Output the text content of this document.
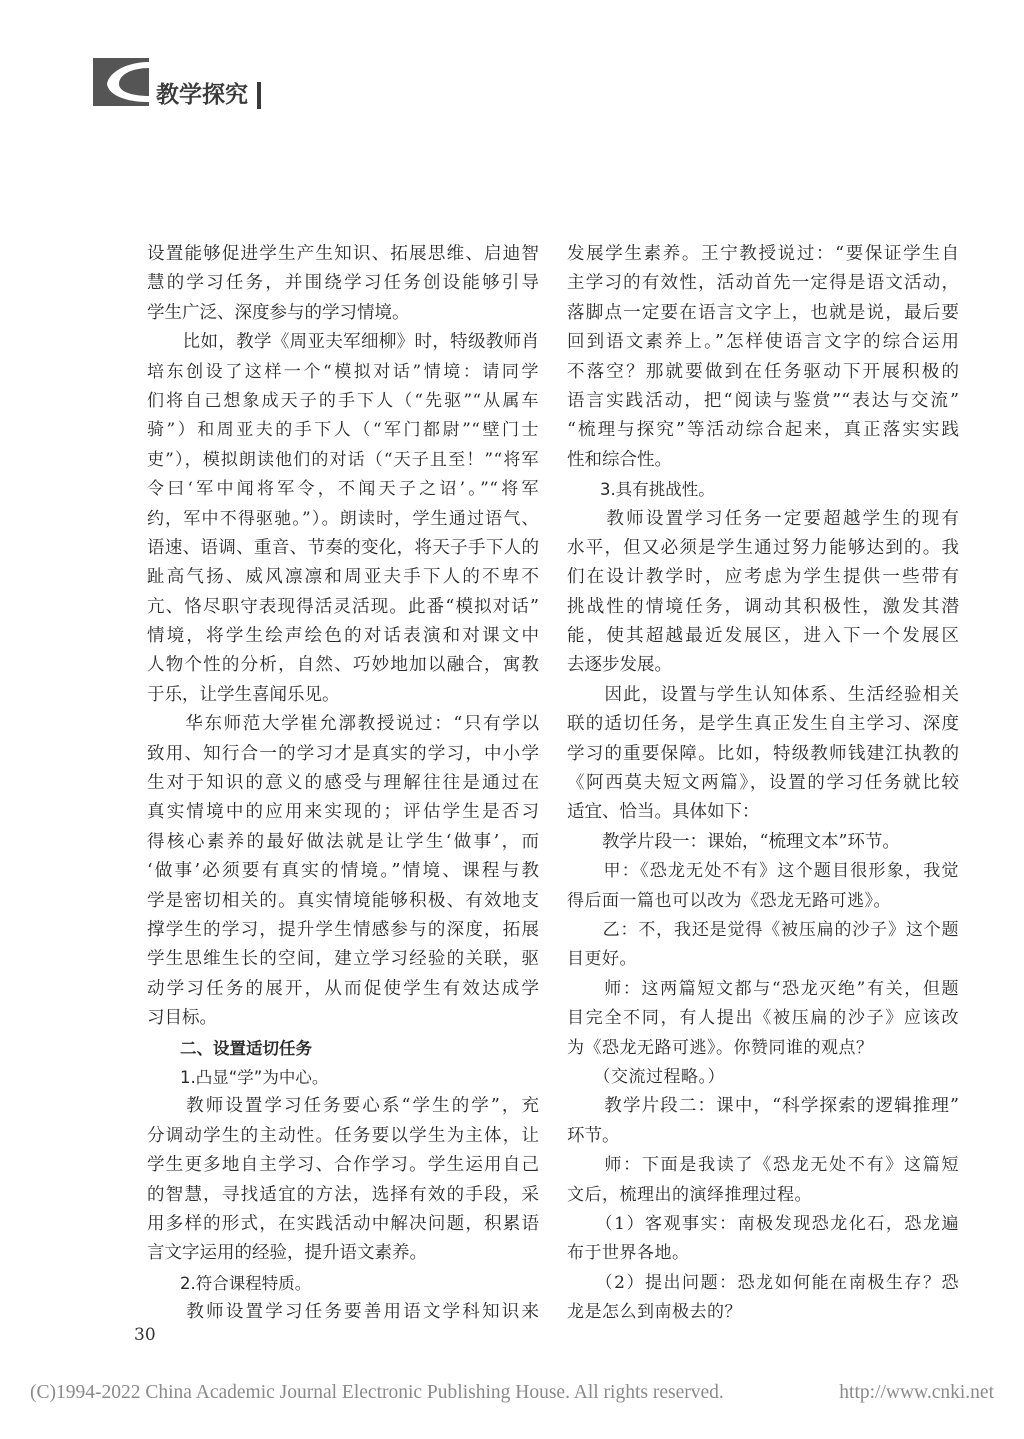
教学探究
设置能够促进学生产生知识、拓展思维、启迪智
慧的学习任务，并围绕学习任务创设能够引导
学生广泛、深度参与的学习情境。
　　比如，教学《周亚夫军细柳》时，特级教师肖
培东创设了这样一个“模拟对话”情境：请同学
们将自己想象成天子的手下人（“先驱”“从属车
骑”）和周亚夫的手下人（“军门都尉”“壁门士
吏”），模拟朗读他们的对话（“天子且至！”“将军
令曰‘军中闻将军令，不闻天子之诏’。”“将军
约，军中不得驱驰。”）。朗读时，学生通过语气、
语速、语调、重音、节奏的变化，将天子手下人的
趾高气扬、威风凛凛和周亚夫手下人的不卑不
亢、恪尽职守表现得活灵活现。此番“模拟对话”
情境，将学生绘声绘色的对话表演和对课文中
人物个性的分析，自然、巧妙地加以融合，寓教
于乐，让学生喜闻乐见。
　　华东师范大学崔允漷教授说过：“只有学以
致用、知行合一的学习才是真实的学习，中小学
生对于知识的意义的感受与理解往往是通过在
真实情境中的应用来实现的；评估学生是否习
得核心素养的最好做法就是让学生‘做事’，而
‘做事’必须要有真实的情境。”情境、课程与教
学是密切相关的。真实情境能够积极、有效地支
撑学生的学习，提升学生情感参与的深度，拓展
学生思维生长的空间，建立学习经验的关联，驱
动学习任务的展开，从而促使学生有效达成学
习目标。
　　二、设置适切任务
　　1.凸显“学”为中心。
　　教师设置学习任务要心系“学生的学”，充
分调动学生的主动性。任务要以学生为主体，让
学生更多地自主学习、合作学习。学生运用自己
的智慧，寻找适宜的方法，选择有效的手段，采
用多样的形式，在实践活动中解决问题，积累语
言文字运用的经验，提升语文素养。
　　2.符合课程特质。
　　教师设置学习任务要善用语文学科知识来
发展学生素养。王宁教授说过：“要保证学生自
主学习的有效性，活动首先一定得是语文活动，
落脚点一定要在语言文字上，也就是说，最后要
回到语文素养上。”怎样使语言文字的综合运用
不落空？那就要做到在任务驱动下开展积极的
语言实践活动，把“阅读与鉴赏”“表达与交流”
“梳理与探究”等活动综合起来，真正落实实践
性和综合性。
　　3.具有挑战性。
　　教师设置学习任务一定要超越学生的现有
水平，但又必须是学生通过努力能够达到的。我
们在设计教学时，应考虑为学生提供一些带有
挑战性的情境任务，调动其积极性，激发其潜
能，使其超越最近发展区，进入下一个发展区
去逐步发展。
　　因此，设置与学生认知体系、生活经验相关
联的适切任务，是学生真正发生自主学习、深度
学习的重要保障。比如，特级教师钱建江执教的
《阿西莫夫短文两篇》，设置的学习任务就比较
适宜、恰当。具体如下：
　　教学片段一：课始，“梳理文本”环节。
　　甲：《恐龙无处不有》这个题目很形象，我觉
得后面一篇也可以改为《恐龙无路可逃》。
　　乙：不，我还是觉得《被压扁的沙子》这个题
目更好。
　　师：这两篇短文都与“恐龙灭绝”有关，但题
目完全不同，有人提出《被压扁的沙子》应该改
为《恐龙无路可逃》。你赞同谁的观点？
　　（交流过程略。）
　　教学片段二：课中，“科学探索的逻辑推理”
环节。
　　师：下面是我读了《恐龙无处不有》这篇短
文后，梳理出的演绎推理过程。
　　（1）客观事实：南极发现恐龙化石，恐龙遍
布于世界各地。
　　（2）提出问题：恐龙如何能在南极生存？恐
龙是怎么到南极去的？
30
(C)1994-2022 China Academic Journal Electronic Publishing House. All rights reserved.	http://www.cnki.net
